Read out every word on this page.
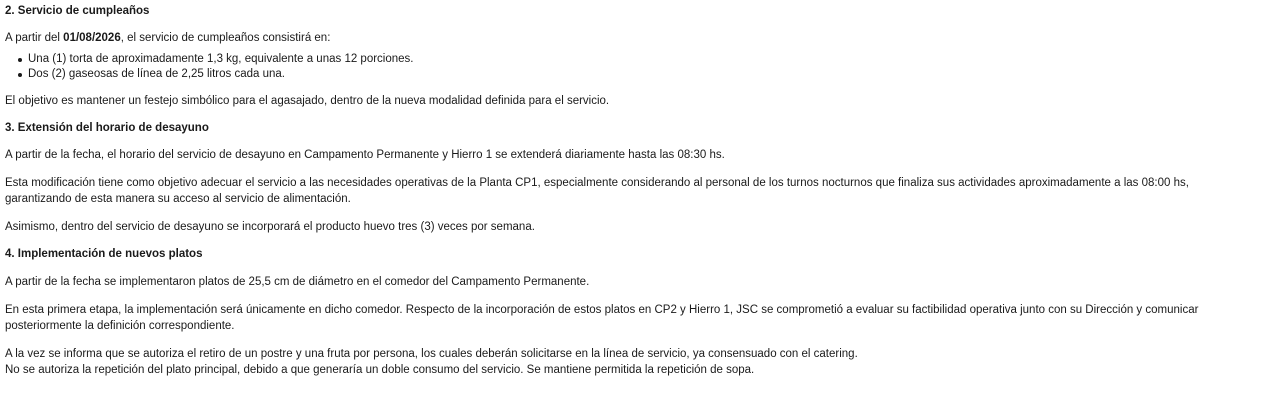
2. Servicio de cumpleaños

A partir del 01/08/2026, el servicio de cumpleaños consistirá en:

Una (1) torta de aproximadamente 1,3 kg, equivalente a unas 12 porciones.
Dos (2) gaseosas de línea de 2,25 litros cada una.

El objetivo es mantener un festejo simbólico para el agasajado, dentro de la nueva modalidad definida para el servicio.

3. Extensión del horario de desayuno

A partir de la fecha, el horario del servicio de desayuno en Campamento Permanente y Hierro 1 se extenderá diariamente hasta las 08:30 hs.

Esta modificación tiene como objetivo adecuar el servicio a las necesidades operativas de la Planta CP1, especialmente considerando al personal de los turnos nocturnos que finaliza sus actividades aproximadamente a las 08:00 hs,
garantizando de esta manera su acceso al servicio de alimentación.

Asimismo, dentro del servicio de desayuno se incorporará el producto huevo tres (3) veces por semana.

4. Implementación de nuevos platos

A partir de la fecha se implementaron platos de 25,5 cm de diámetro en el comedor del Campamento Permanente.

En esta primera etapa, la implementación será únicamente en dicho comedor. Respecto de la incorporación de estos platos en CP2 y Hierro 1, JSC se comprometió a evaluar su factibilidad operativa junto con su Dirección y comunicar
posteriormente la definición correspondiente.

A la vez se informa que se autoriza el retiro de un postre y una fruta por persona, los cuales deberán solicitarse en la línea de servicio, ya consensuado con el catering.
No se autoriza la repetición del plato principal, debido a que generaría un doble consumo del servicio. Se mantiene permitida la repetición de sopa.
